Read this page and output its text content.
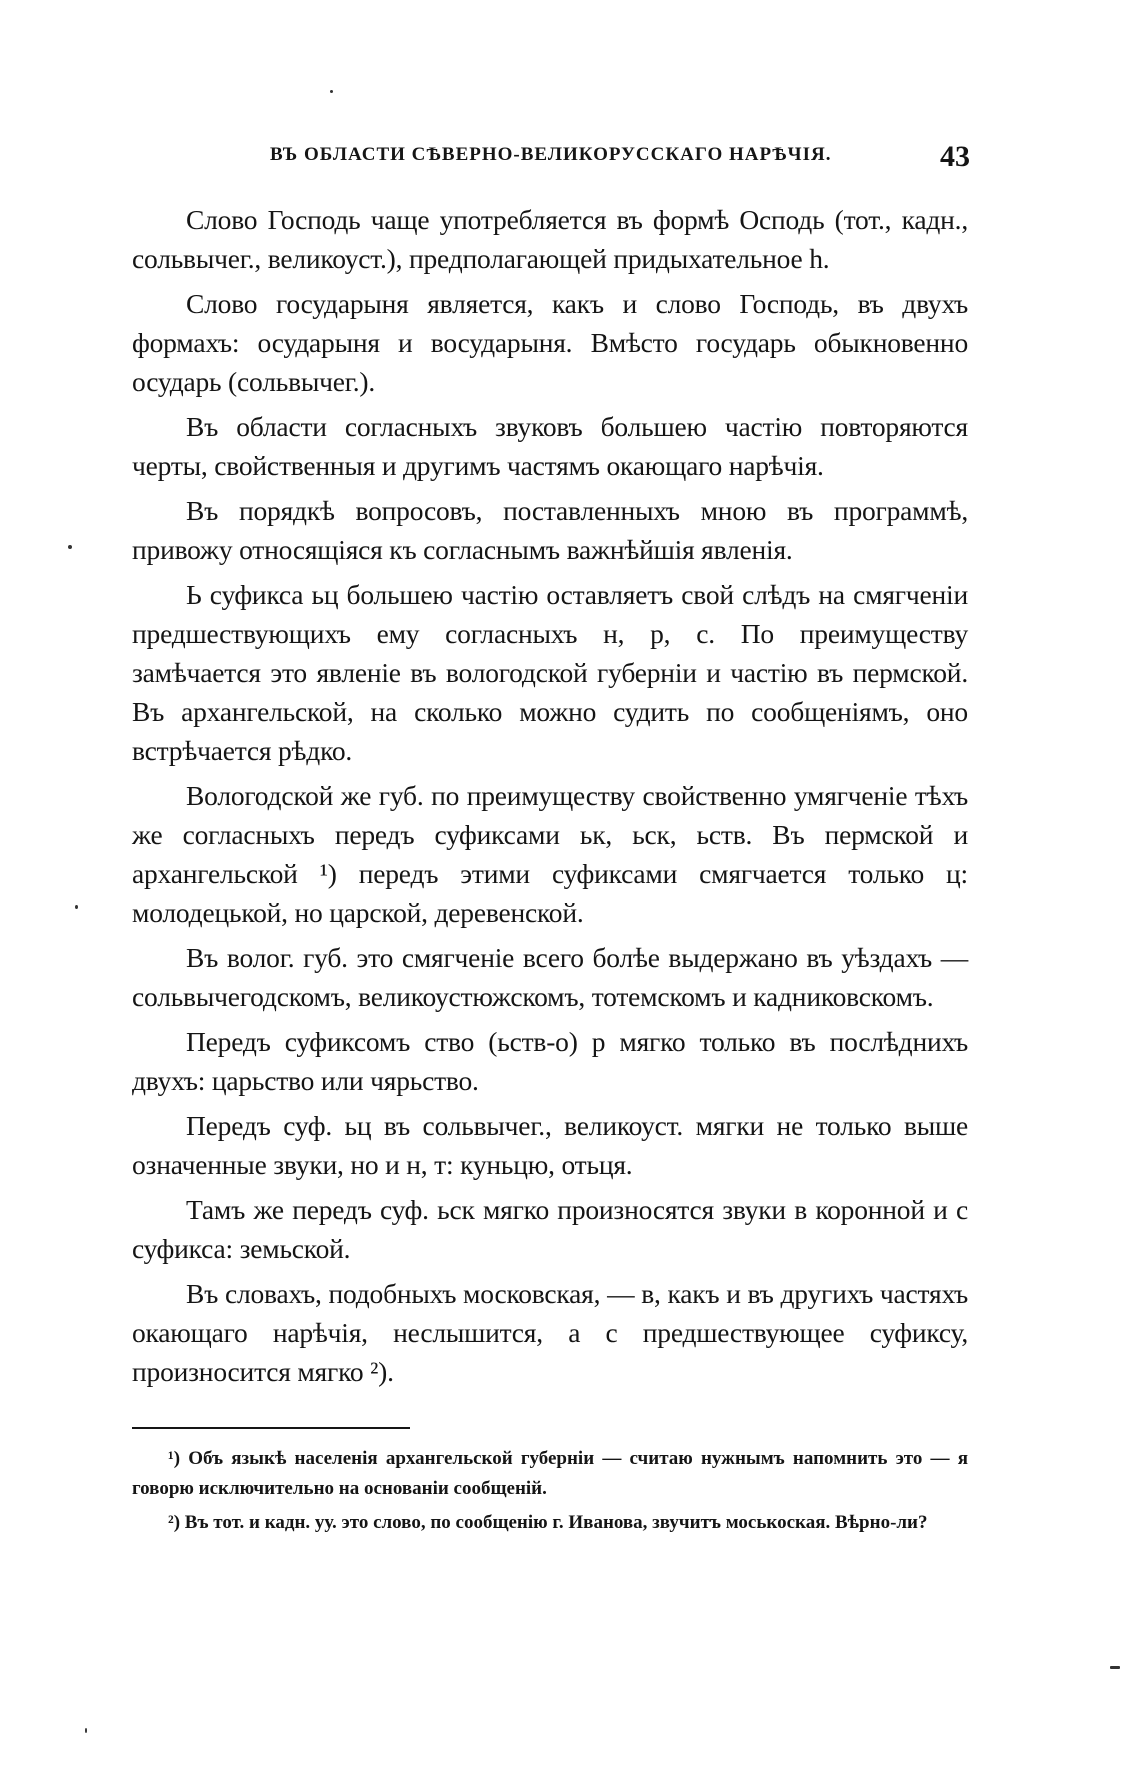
ВЪ ОБЛАСТИ СѢВЕРНО-ВЕЛИКОРУССКАГО НАРѢЧІЯ.	43

Слово Господь чаще употребляется въ формѣ Осподь (тот., кадн., сольвычег., великоуст.), предполагающей придыхательное h.

Слово государыня является, какъ и слово Господь, въ двухъ формахъ: осударыня и восударыня. Вмѣсто государь обыкновенно осударь (сольвычег.).

Въ области согласныхъ звуковъ большею частію повторяются черты, свойственныя и другимъ частямъ окающаго нарѣчія.

Въ порядкѣ вопросовъ, поставленныхъ мною въ программѣ, привожу относящіяся къ согласнымъ важнѣйшія явленія.

Ь суфикса ьц большею частію оставляетъ свой слѣдъ на смягченіи предшествующихъ ему согласныхъ н, р, с. По преимуществу замѣчается это явленіе въ вологодской губерніи и частію въ пермской. Въ архангельской, на сколько можно судить по сообщеніямъ, оно встрѣчается рѣдко.

Вологодской же губ. по преимуществу свойственно умягченіе тѣхъ же согласныхъ передъ суфиксами ьк, ьск, ьств. Въ пермской и архангельской ¹) передъ этими суфиксами смягчается только ц: молодецькой, но царской, деревенской.

Въ волог. губ. это смягченіе всего болѣе выдержано въ уѣздахъ — сольвычегодскомъ, великоустюжскомъ, тотемскомъ и кадниковскомъ.

Передъ суфиксомъ ство (ьств-о) р мягко только въ послѣднихъ двухъ: царьство или чярьство.

Передъ суф. ьц въ сольвычег., великоуст. мягки не только выше означенные звуки, но и н, т: куньцю, отьця.

Тамъ же передъ суф. ьск мягко произносятся звуки в коронной и с суфикса: земьской.

Въ словахъ, подобныхъ московская, — в, какъ и въ другихъ частяхъ окающаго нарѣчія, неслышится, а с предшествующее суфиксу, произносится мягко ²).

¹) Объ языкѣ населенія архангельской губерніи — считаю нужнымъ напомнить это — я говорю исключительно на основаніи сообщеній.

²) Въ тот. и кадн. уу. это слово, по сообщенію г. Иванова, звучитъ моськоская. Вѣрно-ли?
